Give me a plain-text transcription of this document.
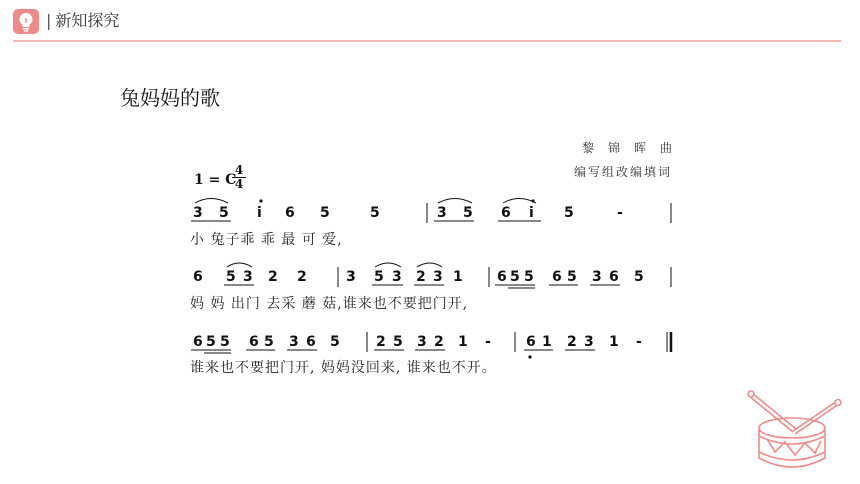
| 新知探究
兔妈妈的歌
黎锦晖曲
编写组改编填词
1 = C
4
4
3 5 i 6 5	5	3 5 6 i 5	-
小 兔子乖 乖 最 可 爱,
6 5 3 2 2	3 5 3 2 3 1 6 5 5 6 5 3 6 5
妈 妈 出门 去采 蘑 菇,谁来也不要把门开,
6 5 5 6 5 3 6 5	2 5 3 2 1 -	6 1 2 3 1 -
谁来也不要把门开, 妈妈没回来, 谁来也不开。
